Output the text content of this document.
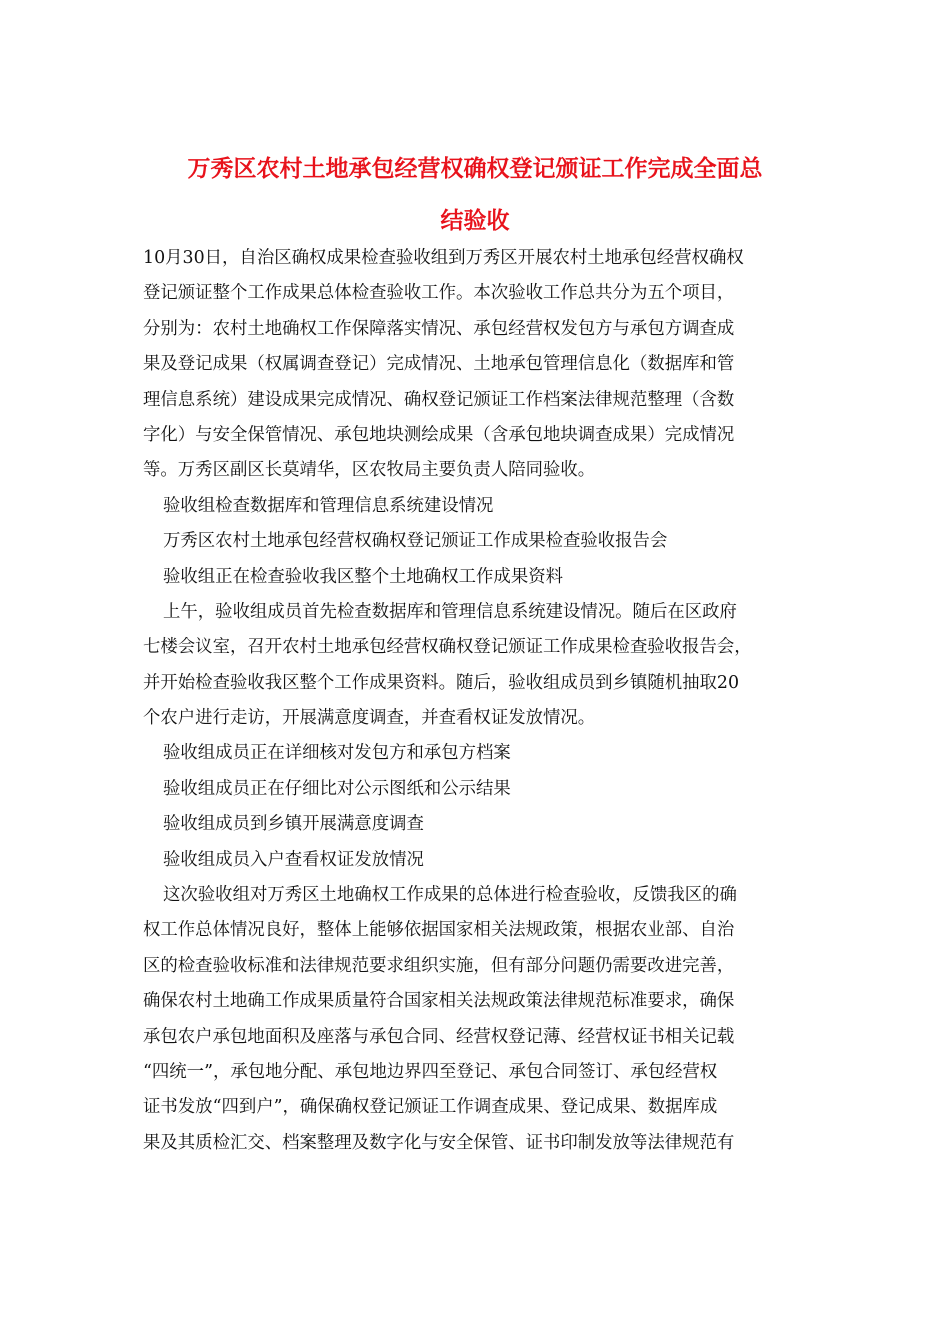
万秀区农村土地承包经营权确权登记颁证工作完成全面总
结验收
10月30日，自治区确权成果检查验收组到万秀区开展农村土地承包经营权确权
登记颁证整个工作成果总体检查验收工作。本次验收工作总共分为五个项目，
分别为：农村土地确权工作保障落实情况、承包经营权发包方与承包方调查成
果及登记成果（权属调查登记）完成情况、土地承包管理信息化（数据库和管
理信息系统）建设成果完成情况、确权登记颁证工作档案法律规范整理（含数
字化）与安全保管情况、承包地块测绘成果（含承包地块调查成果）完成情况
等。万秀区副区长莫靖华，区农牧局主要负责人陪同验收。
验收组检查数据库和管理信息系统建设情况
万秀区农村土地承包经营权确权登记颁证工作成果检查验收报告会
验收组正在检查验收我区整个土地确权工作成果资料
上午，验收组成员首先检查数据库和管理信息系统建设情况。随后在区政府
七楼会议室，召开农村土地承包经营权确权登记颁证工作成果检查验收报告会，
并开始检查验收我区整个工作成果资料。随后，验收组成员到乡镇随机抽取20
个农户进行走访，开展满意度调查，并查看权证发放情况。
验收组成员正在详细核对发包方和承包方档案
验收组成员正在仔细比对公示图纸和公示结果
验收组成员到乡镇开展满意度调查
验收组成员入户查看权证发放情况
这次验收组对万秀区土地确权工作成果的总体进行检查验收，反馈我区的确
权工作总体情况良好，整体上能够依据国家相关法规政策，根据农业部、自治
区的检查验收标准和法律规范要求组织实施，但有部分问题仍需要改进完善，
确保农村土地确工作成果质量符合国家相关法规政策法律规范标准要求，确保
承包农户承包地面积及座落与承包合同、经营权登记薄、经营权证书相关记载
“四统一”，承包地分配、承包地边界四至登记、承包合同签订、承包经营权
证书发放“四到户”，确保确权登记颁证工作调查成果、登记成果、数据库成
果及其质检汇交、档案整理及数字化与安全保管、证书印制发放等法律规范有
